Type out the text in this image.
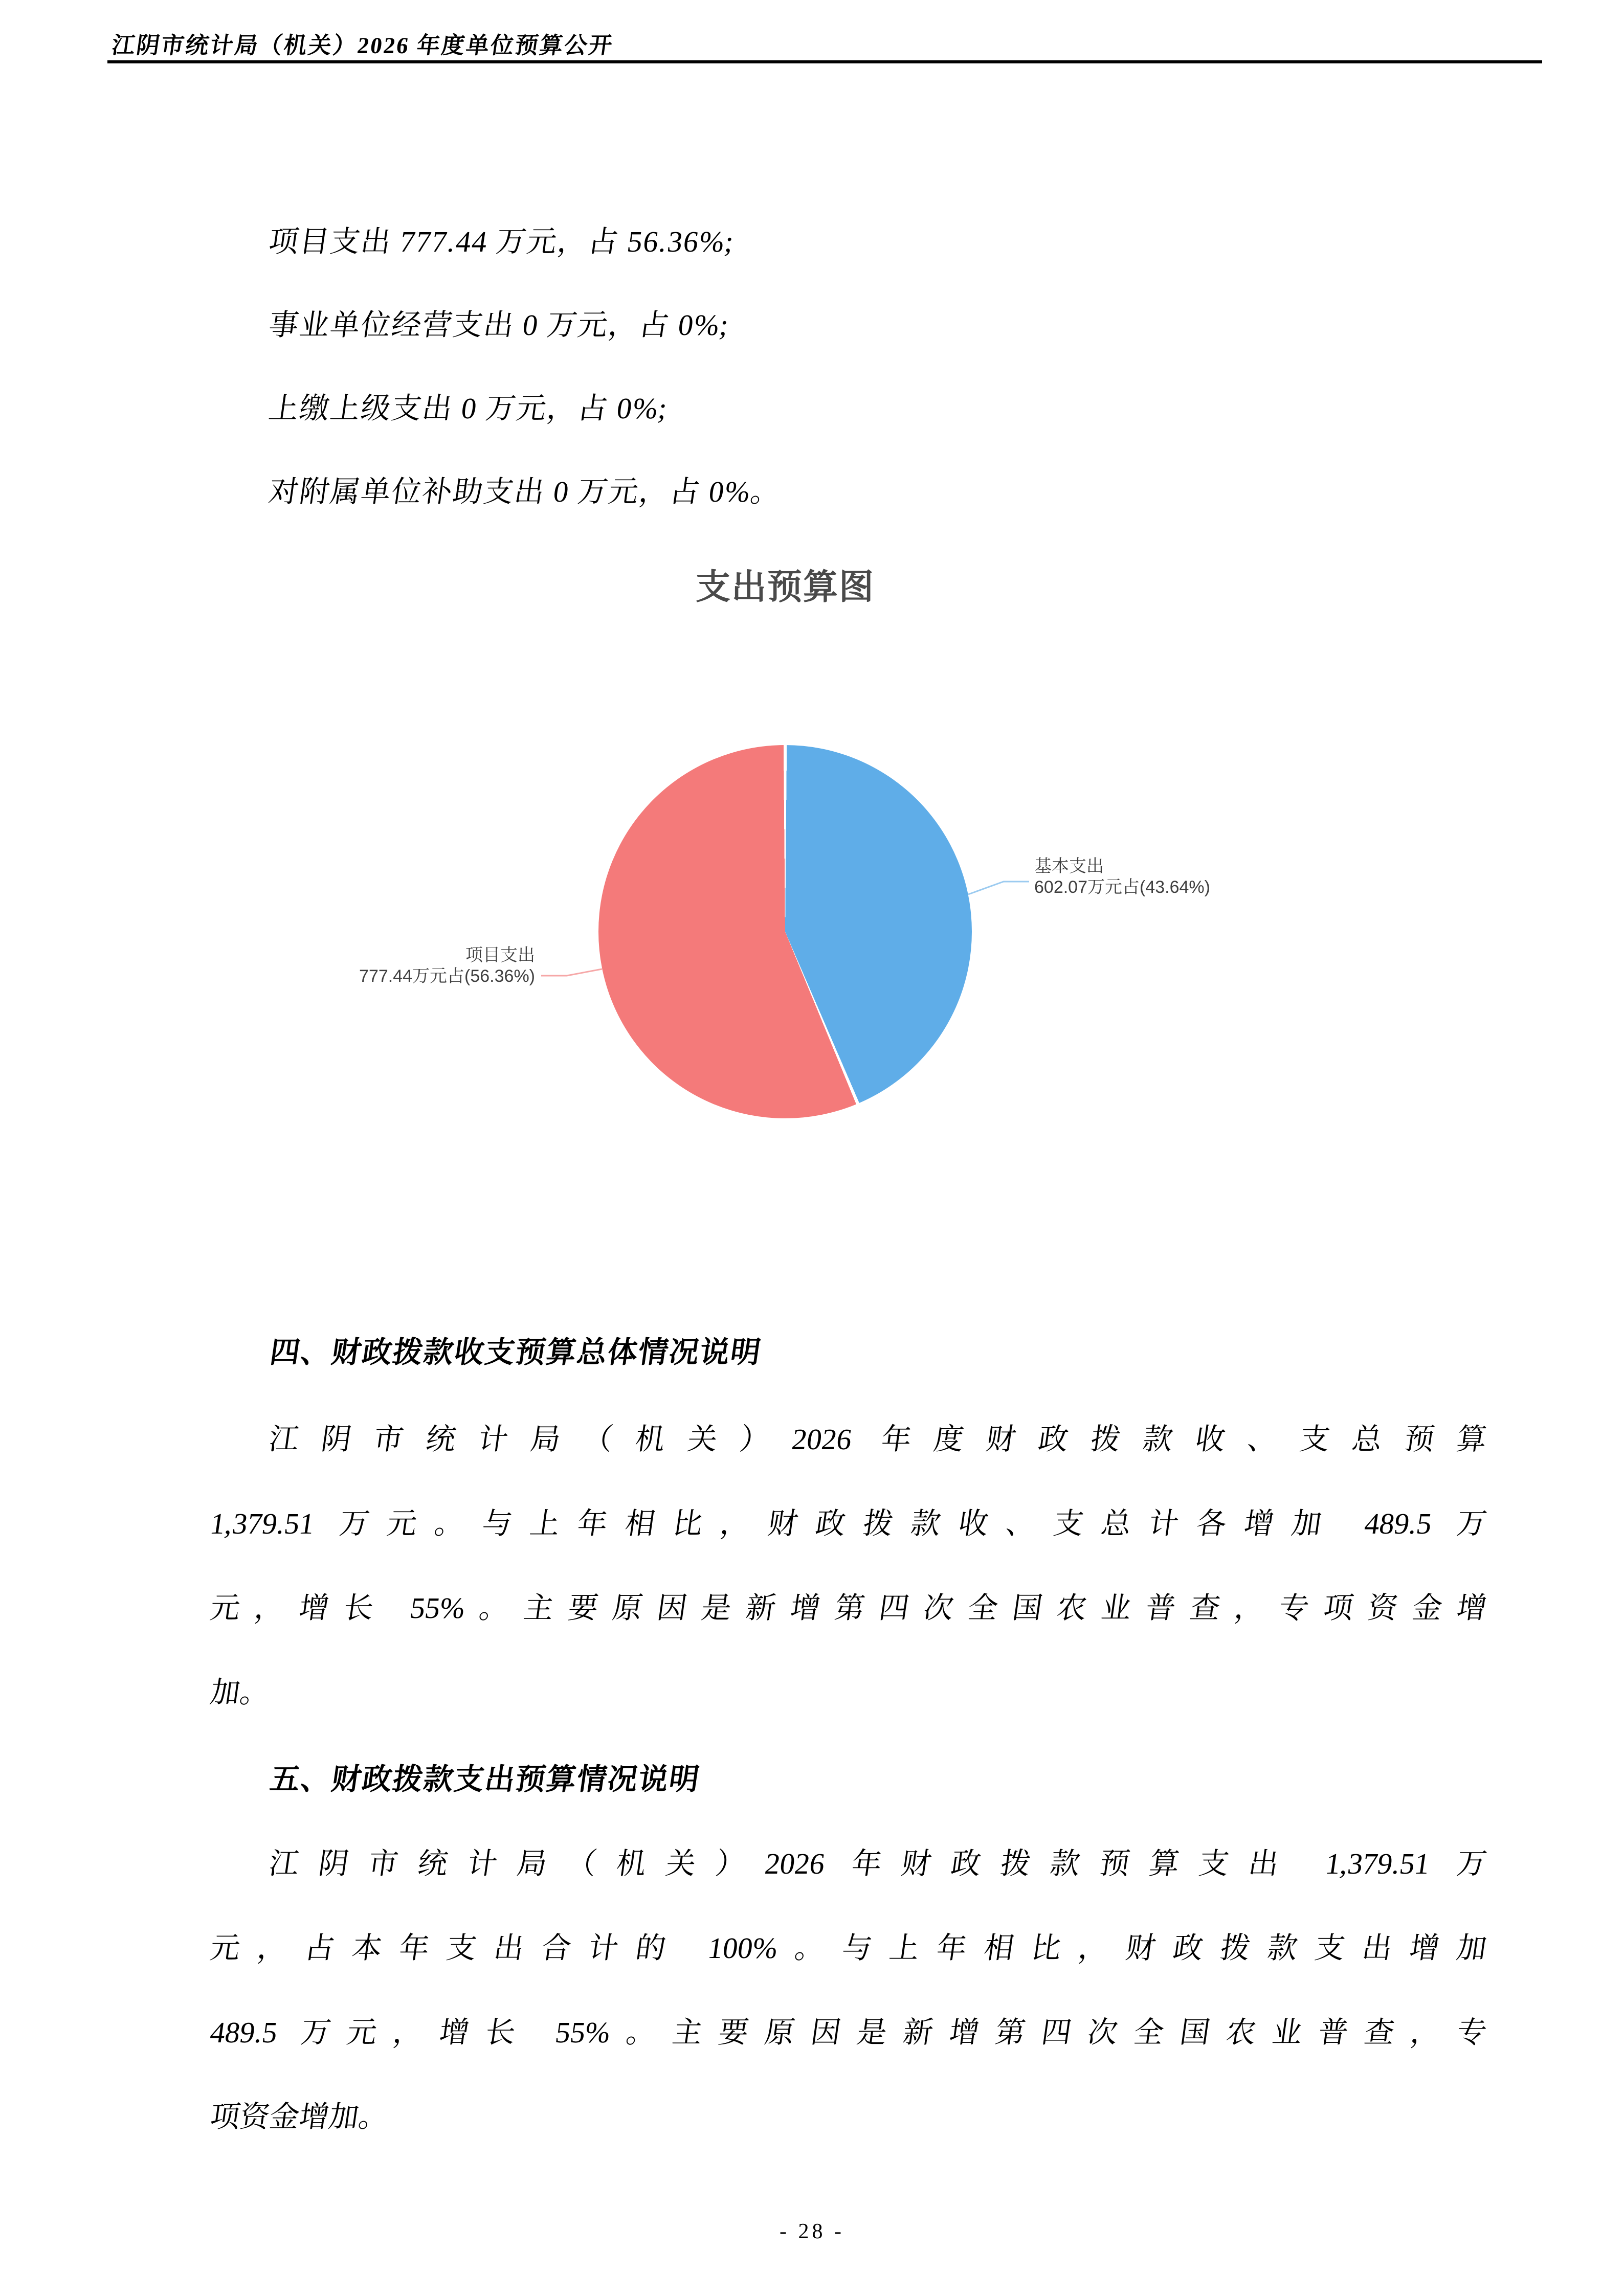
江阴市统计局（机关）2026 年度单位预算公开
项目支出 777.44 万元，占 56.36%;
事业单位经营支出 0 万元，占 0%;
上缴上级支出 0 万元，占 0%;
对附属单位补助支出 0 万元，占 0%。
支出预算图
基本支出
602.07万元占(43.64%)
项目支出
777.44万元占(56.36%)
四、财政拨款收支预算总体情况说明
江阴市统计局（机关）2026 年度财政拨款收、支总预算
1,379.51 万元。与上年相比，财政拨款收、支总计各增加 489.5 万
元，增长 55%。主要原因是新增第四次全国农业普查，专项资金增
加。
五、财政拨款支出预算情况说明
江阴市统计局（机关）2026 年财政拨款预算支出 1,379.51 万
元，占本年支出合计的 100%。与上年相比，财政拨款支出增加
489.5 万元，增长 55%。主要原因是新增第四次全国农业普查，专
项资金增加。
- 28 -
